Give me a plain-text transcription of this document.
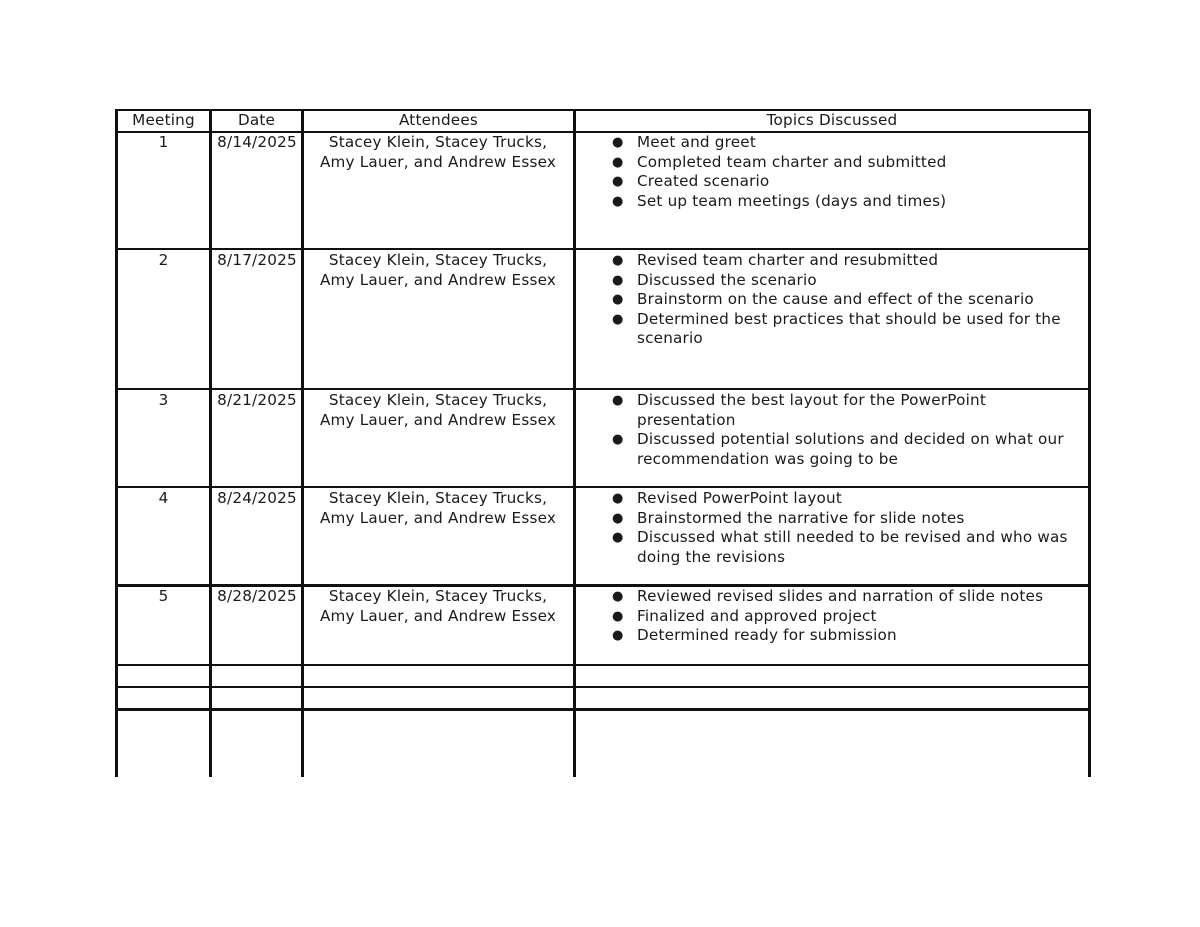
Meeting	Date	Attendees	Topics Discussed
1	8/14/2025	Stacey Klein, Stacey Trucks, Amy Lauer, and Andrew Essex
● Meet and greet
● Completed team charter and submitted
● Created scenario
● Set up team meetings (days and times)
2	8/17/2025	Stacey Klein, Stacey Trucks, Amy Lauer, and Andrew Essex
● Revised team charter and resubmitted
● Discussed the scenario
● Brainstorm on the cause and effect of the scenario
● Determined best practices that should be used for the scenario
3	8/21/2025	Stacey Klein, Stacey Trucks, Amy Lauer, and Andrew Essex
● Discussed the best layout for the PowerPoint presentation
● Discussed potential solutions and decided on what our recommendation was going to be
4	8/24/2025	Stacey Klein, Stacey Trucks, Amy Lauer, and Andrew Essex
● Revised PowerPoint layout
● Brainstormed the narrative for slide notes
● Discussed what still needed to be revised and who was doing the revisions
5	8/28/2025	Stacey Klein, Stacey Trucks, Amy Lauer, and Andrew Essex
● Reviewed revised slides and narration of slide notes
● Finalized and approved project
● Determined ready for submission
